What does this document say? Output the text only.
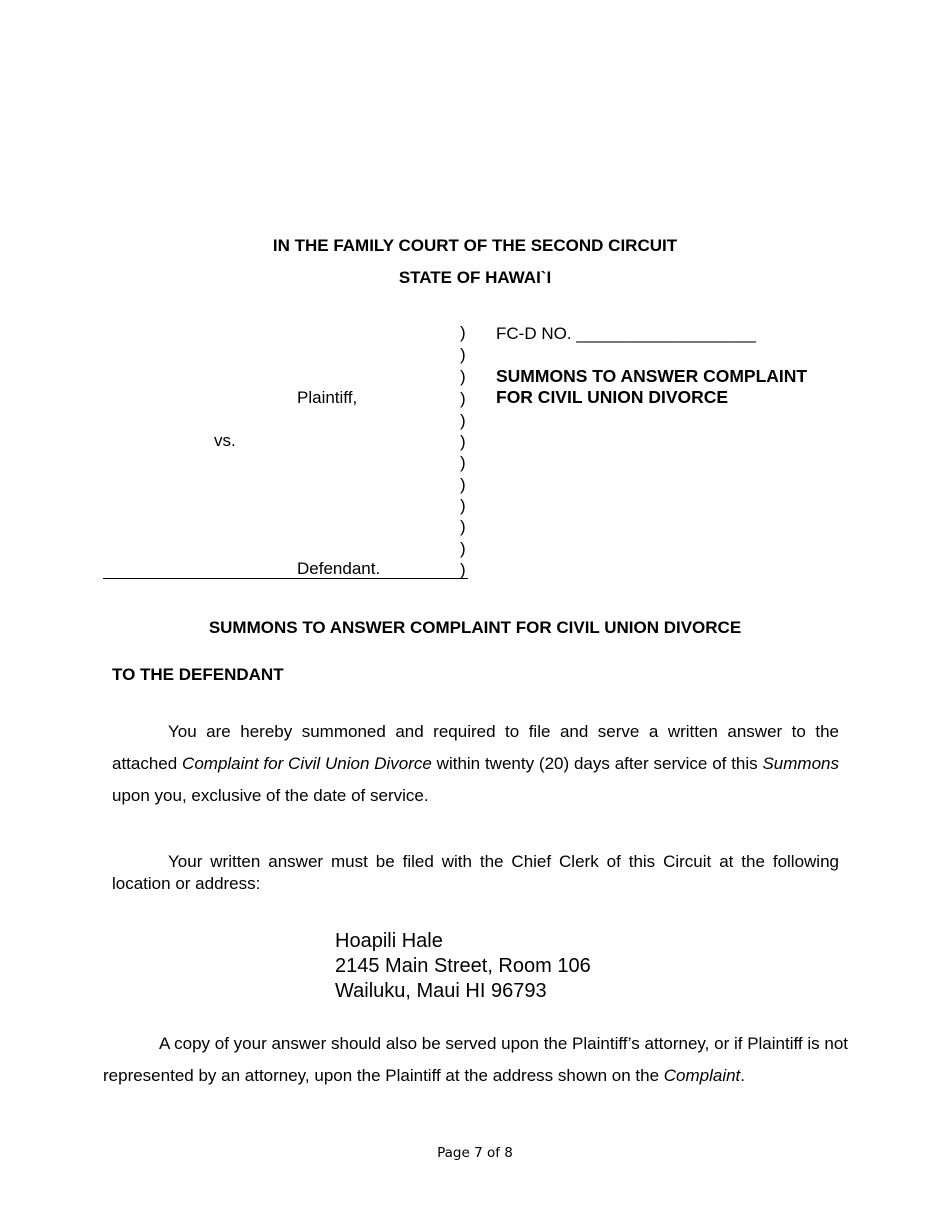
IN THE FAMILY COURT OF THE SECOND CIRCUIT
STATE OF HAWAI`I
)
)
)
)
)
)
)
)
)
)
)
)
Plaintiff,
vs.
Defendant.
FC-D NO. ___________________
SUMMONS TO ANSWER COMPLAINT
FOR CIVIL UNION DIVORCE
SUMMONS TO ANSWER COMPLAINT FOR CIVIL UNION DIVORCE
TO THE DEFENDANT
You are hereby summoned and required to file and serve a written answer to the attached Complaint for Civil Union Divorce within twenty (20) days after service of this Summons upon you, exclusive of the date of service.
Your written answer must be filed with the Chief Clerk of this Circuit at the following location or address:
Hoapili Hale
2145 Main Street, Room 106
Wailuku, Maui HI 96793
A copy of your answer should also be served upon the Plaintiff’s attorney, or if Plaintiff is not represented by an attorney, upon the Plaintiff at the address shown on the Complaint.
Page 7 of 8
